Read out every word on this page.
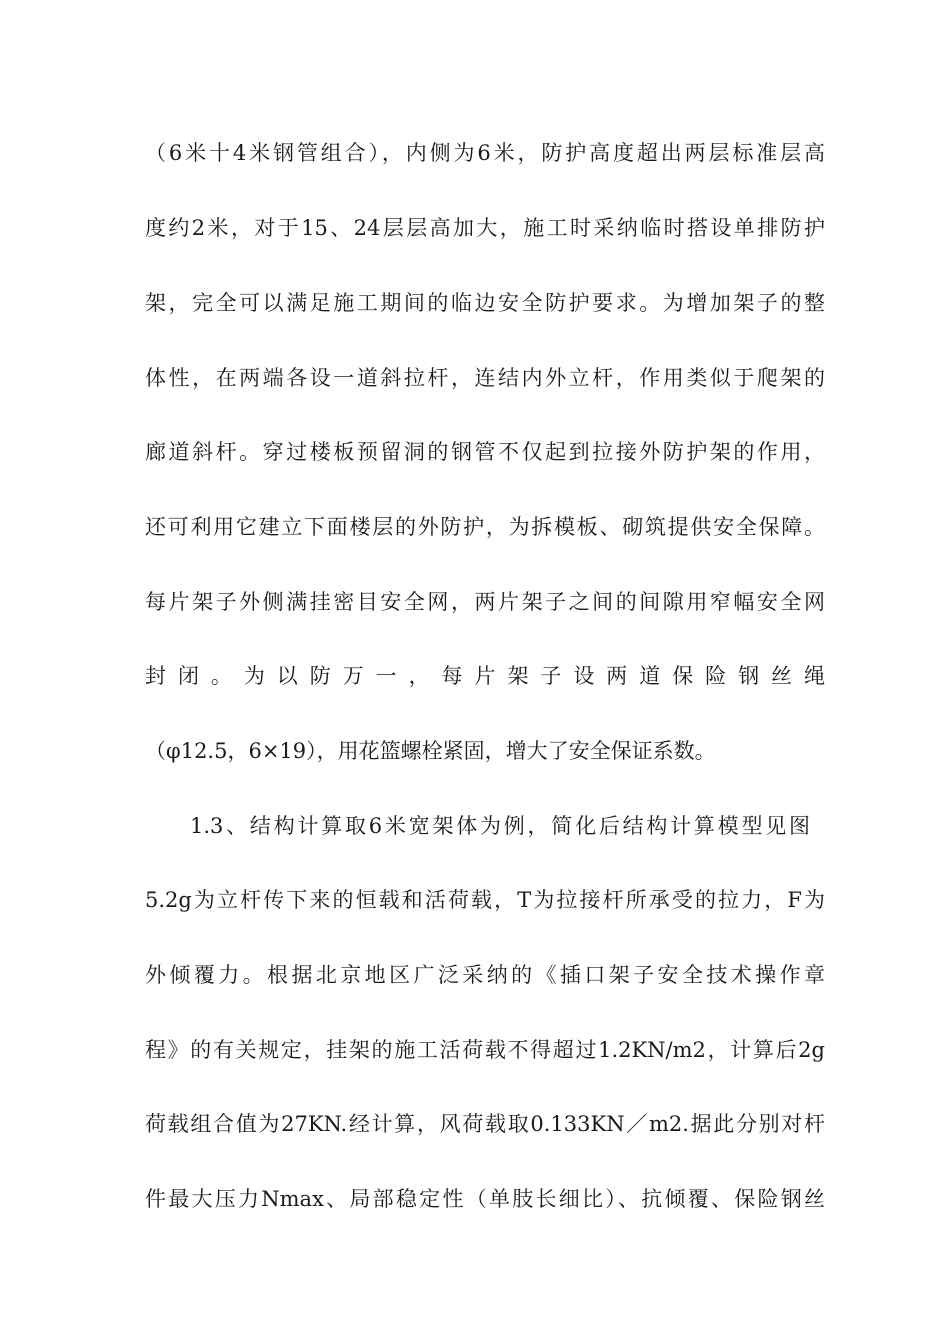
（6米十4米钢管组合），内侧为6米，防护高度超出两层标准层高
度约2米，对于15、24层层高加大，施工时采纳临时搭设单排防护
架，完全可以满足施工期间的临边安全防护要求。为增加架子的整
体性，在两端各设一道斜拉杆，连结内外立杆，作用类似于爬架的
廊道斜杆。穿过楼板预留洞的钢管不仅起到拉接外防护架的作用，
还可利用它建立下面楼层的外防护，为拆模板、砌筑提供安全保障。
每片架子外侧满挂密目安全网，两片架子之间的间隙用窄幅安全网
封闭。为以防万一，每片架子设两道保险钢丝绳
（φ12.5，6×19），用花篮螺栓紧固，增大了安全保证系数。
1.3、结构计算取6米宽架体为例，简化后结构计算模型见图
5.2g为立杆传下来的恒载和活荷载，T为拉接杆所承受的拉力，F为
外倾覆力。根据北京地区广泛采纳的《插口架子安全技术操作章
程》的有关规定，挂架的施工活荷载不得超过1.2KN/m2，计算后2g
荷载组合值为27KN.经计算，风荷载取0.133KN／m2.据此分别对杆
件最大压力Nmax、局部稳定性（单肢长细比）、抗倾覆、保险钢丝
